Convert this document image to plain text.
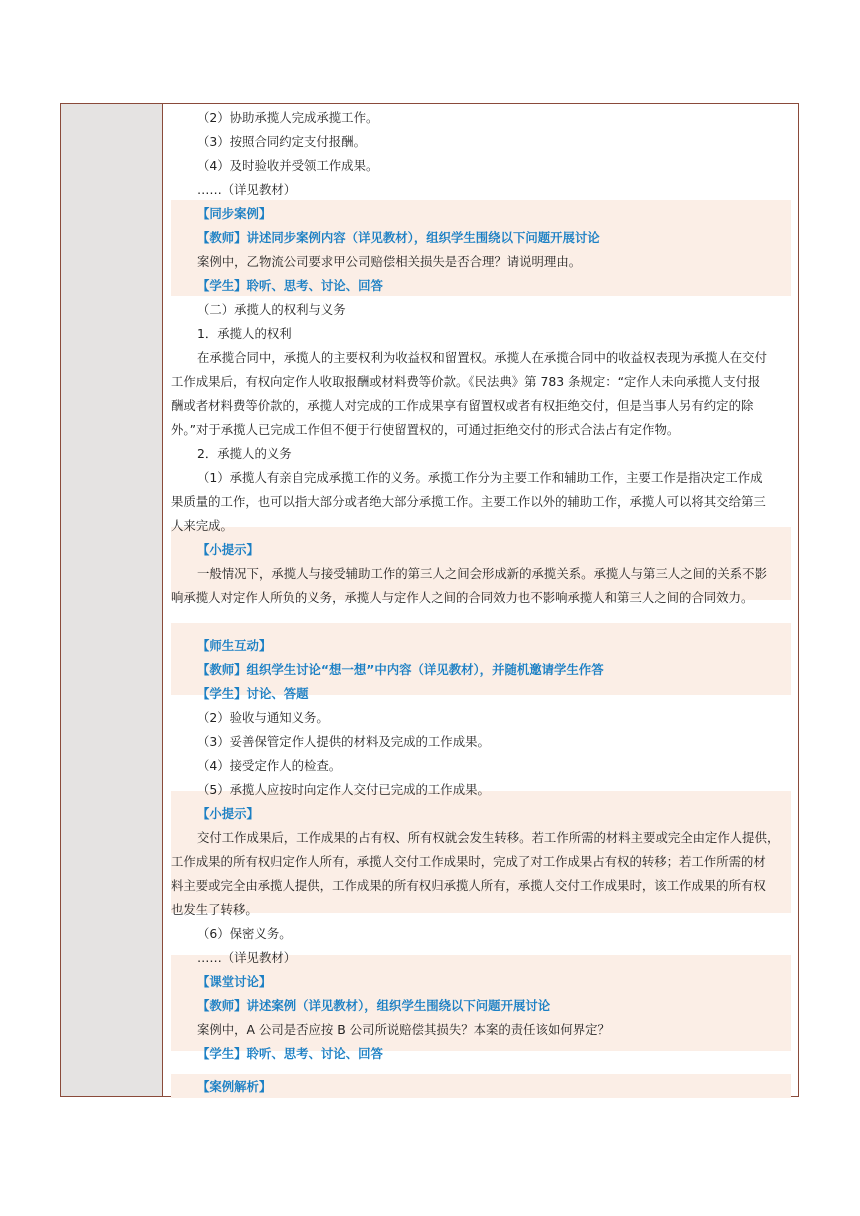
（2）协助承揽人完成承揽工作。
（3）按照合同约定支付报酬。
（4）及时验收并受领工作成果。
……（详见教材）
【同步案例】
【教师】讲述同步案例内容（详见教材），组织学生围绕以下问题开展讨论
案例中，乙物流公司要求甲公司赔偿相关损失是否合理？请说明理由。
【学生】聆听、思考、讨论、回答
（二）承揽人的权利与义务
1．承揽人的权利
在承揽合同中，承揽人的主要权利为收益权和留置权。承揽人在承揽合同中的收益权表现为承揽人在交付
工作成果后，有权向定作人收取报酬或材料费等价款。《民法典》第 783 条规定：“定作人未向承揽人支付报
酬或者材料费等价款的，承揽人对完成的工作成果享有留置权或者有权拒绝交付，但是当事人另有约定的除
外。”对于承揽人已完成工作但不便于行使留置权的，可通过拒绝交付的形式合法占有定作物。
2．承揽人的义务
（1）承揽人有亲自完成承揽工作的义务。承揽工作分为主要工作和辅助工作，主要工作是指决定工作成
果质量的工作，也可以指大部分或者绝大部分承揽工作。主要工作以外的辅助工作，承揽人可以将其交给第三
人来完成。
【小提示】
一般情况下，承揽人与接受辅助工作的第三人之间会形成新的承揽关系。承揽人与第三人之间的关系不影
响承揽人对定作人所负的义务，承揽人与定作人之间的合同效力也不影响承揽人和第三人之间的合同效力。
【师生互动】
【教师】组织学生讨论“想一想”中内容（详见教材），并随机邀请学生作答
【学生】讨论、答题
（2）验收与通知义务。
（3）妥善保管定作人提供的材料及完成的工作成果。
（4）接受定作人的检查。
（5）承揽人应按时向定作人交付已完成的工作成果。
【小提示】
交付工作成果后，工作成果的占有权、所有权就会发生转移。若工作所需的材料主要或完全由定作人提供，
工作成果的所有权归定作人所有，承揽人交付工作成果时，完成了对工作成果占有权的转移；若工作所需的材
料主要或完全由承揽人提供，工作成果的所有权归承揽人所有，承揽人交付工作成果时，该工作成果的所有权
也发生了转移。
（6）保密义务。
……（详见教材）
【课堂讨论】
【教师】讲述案例（详见教材），组织学生围绕以下问题开展讨论
案例中，A 公司是否应按 B 公司所说赔偿其损失？本案的责任该如何界定？
【学生】聆听、思考、讨论、回答
【案例解析】
